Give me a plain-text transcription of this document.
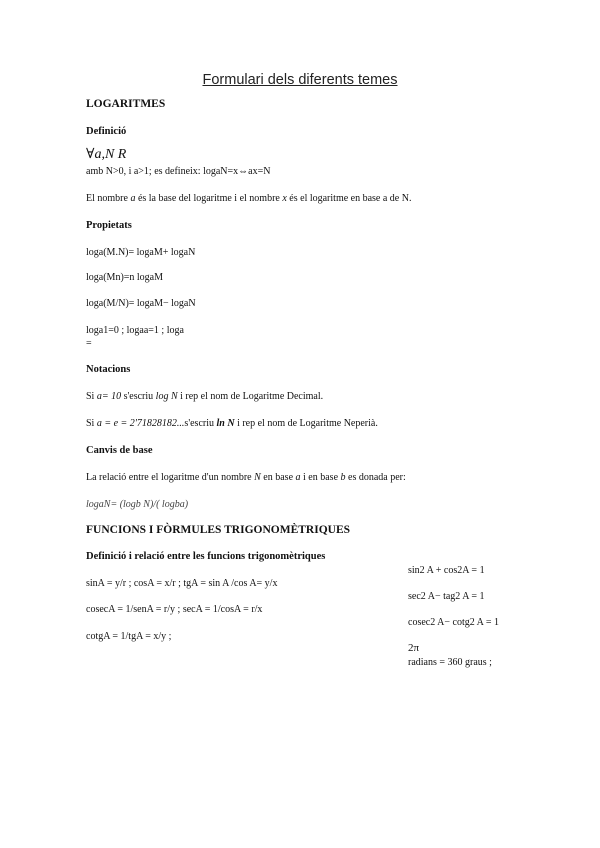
Formulari dels diferents temes
LOGARITMES
Definició
∀a,N R
amb N>0, i a>1; es defineix: logaN=x⇔ax=N
El nombre a és la base del logaritme i el nombre x és el logaritme en base a de N.
Propietats
loga(M.N)= logaM+ logaN
loga(Mn)=n logaM
loga(M/N)= logaM− logaN
loga1=0 ; logaa=1 ; loga
=
Notacions
Si a= 10 s'escriu log N i rep el nom de Logaritme Decimal.
Si a = e = 2'71828182...s'escriu ln N i rep el nom de Logaritme Neperià.
Canvis de base
La relació entre el logaritme d'un nombre N en base a i en base b es donada per:
logaN= (logb N)/( logba)
FUNCIONS I FÒRMULES TRIGONOMÈTRIQUES
Definició i relació entre les funcions trigonomètriques
sinA = y/r ; cosA = x/r ; tgA = sin A /cos A= y/x
cosecA = 1/senA = r/y ; secA = 1/cosA = r/x
cotgA = 1/tgA = x/y ;
sin2 A + cos2A = 1
sec2 A− tag2 A = 1
cosec2 A− cotg2 A = 1
2π
radians = 360 graus ;
